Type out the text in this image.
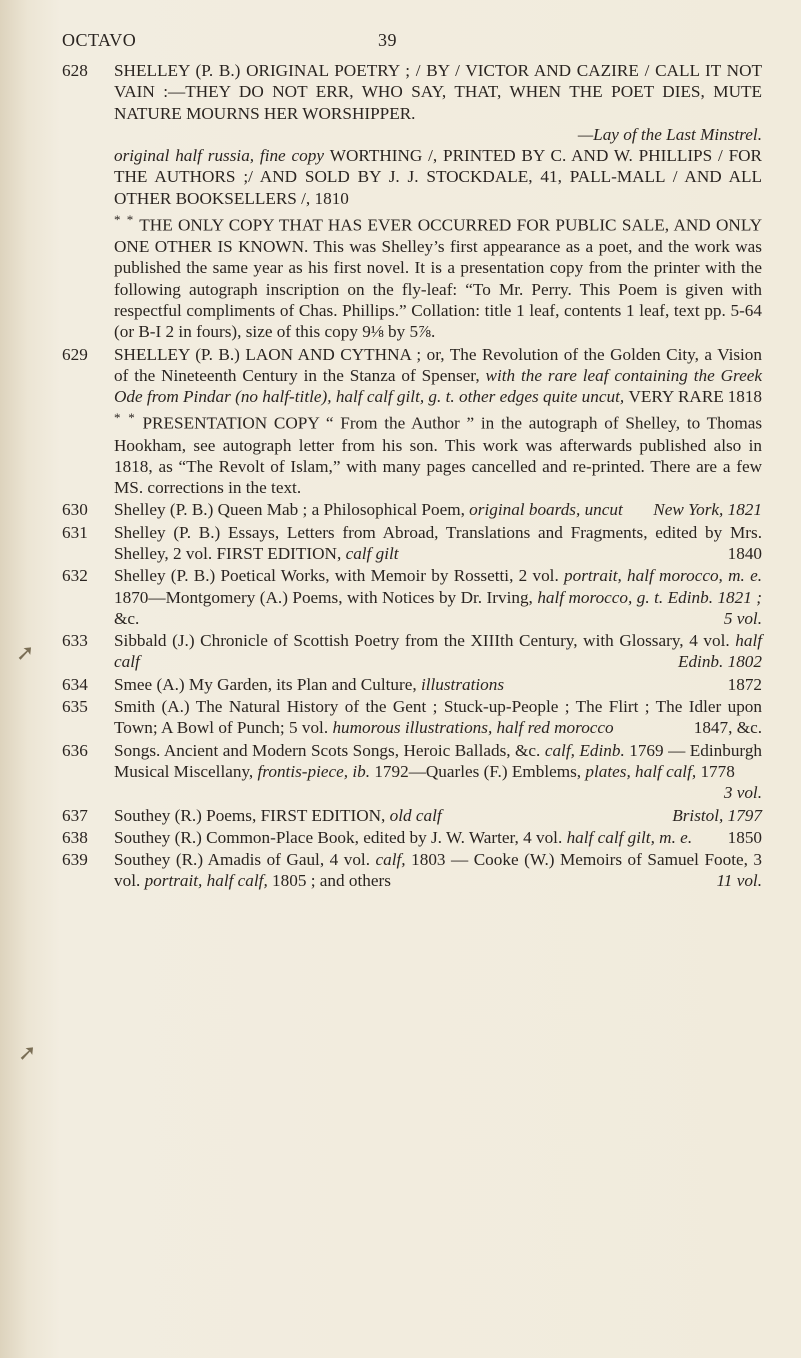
OCTAVO	39
➚
➚
628	SHELLEY (P. B.) ORIGINAL POETRY ; / BY / VICTOR AND CAZIRE / CALL IT NOT VAIN :—THEY DO NOT ERR, WHO SAY, THAT, WHEN THE POET DIES, MUTE NATURE MOURNS HER WORSHIPPER.
—Lay of the Last Minstrel.
original half russia, fine copy WORTHING /, PRINTED BY C. AND W. PHILLIPS / FOR THE AUTHORS ;/ AND SOLD BY J. J. STOCKDALE, 41, PALL-MALL / AND ALL OTHER BOOKSELLERS /, 1810
* * THE ONLY COPY THAT HAS EVER OCCURRED FOR PUBLIC SALE, AND ONLY ONE OTHER IS KNOWN. This was Shelley’s first appearance as a poet, and the work was published the same year as his first novel. It is a presentation copy from the printer with the following autograph inscription on the fly-leaf: “To Mr. Perry. This Poem is given with respectful compliments of Chas. Phillips.” Collation: title 1 leaf, contents 1 leaf, text pp. 5-64 (or B-I 2 in fours), size of this copy 9⅛ by 5⅞.
629	SHELLEY (P. B.) LAON AND CYTHNA ; or, The Revolution of the Golden City, a Vision of the Nineteenth Century in the Stanza of Spenser, with the rare leaf containing the Greek Ode from Pindar (no half-title), half calf gilt, g. t. other edges quite uncut, VERY RARE 1818
* * PRESENTATION COPY “ From the Author ” in the autograph of Shelley, to Thomas Hookham, see autograph letter from his son. This work was afterwards published also in 1818, as “The Revolt of Islam,” with many pages cancelled and re-printed. There are a few MS. corrections in the text.
630	Shelley (P. B.) Queen Mab ; a Philosophical Poem, original boards, uncut New York, 1821
631	Shelley (P. B.) Essays, Letters from Abroad, Translations and Fragments, edited by Mrs. Shelley, 2 vol. FIRST EDITION, calf gilt	1840
632	Shelley (P. B.) Poetical Works, with Memoir by Rossetti, 2 vol. portrait, half morocco, m. e. 1870—Montgomery (A.) Poems, with Notices by Dr. Irving, half morocco, g. t. Edinb. 1821 ; &c.	5 vol.
633	Sibbald (J.) Chronicle of Scottish Poetry from the XIIIth Century, with Glossary, 4 vol. half calf	Edinb. 1802
634	Smee (A.) My Garden, its Plan and Culture, illustrations	1872
635	Smith (A.) The Natural History of the Gent ; Stuck-up-People ; The Flirt ; The Idler upon Town; A Bowl of Punch; 5 vol. humorous illustrations, half red morocco	1847, &c.
636	Songs. Ancient and Modern Scots Songs, Heroic Ballads, &c. calf, Edinb. 1769 — Edinburgh Musical Miscellany, frontis-piece, ib. 1792—Quarles (F.) Emblems, plates, half calf, 1778
3 vol.
637	Southey (R.) Poems, FIRST EDITION, old calf	Bristol, 1797
638	Southey (R.) Common-Place Book, edited by J. W. Warter, 4 vol. half calf gilt, m. e. 1850
639	Southey (R.) Amadis of Gaul, 4 vol. calf, 1803 — Cooke (W.) Memoirs of Samuel Foote, 3 vol. portrait, half calf, 1805 ; and others	11 vol.
